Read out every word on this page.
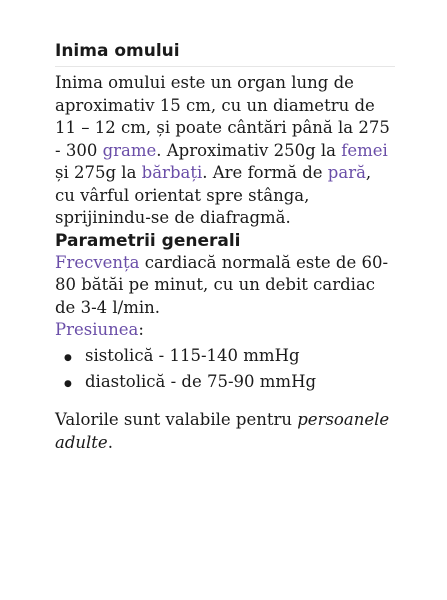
Inima omului

Inima omului este un organ lung de aproximativ 15 cm, cu un diametru de 11 – 12 cm, și poate cântări până la 275 - 300 grame. Aproximativ 250g la femei și 275g la bărbați. Are formă de pară, cu vârful orientat spre stânga, sprijinindu-se de diafragmă.

Parametrii generali

Frecvența cardiacă normală este de 60-80 bătăi pe minut, cu un debit cardiac de 3-4 l/min.

Presiunea:

● sistolică - 115-140 mmHg
● diastolică - de 75-90 mmHg

Valorile sunt valabile pentru persoanele adulte.
